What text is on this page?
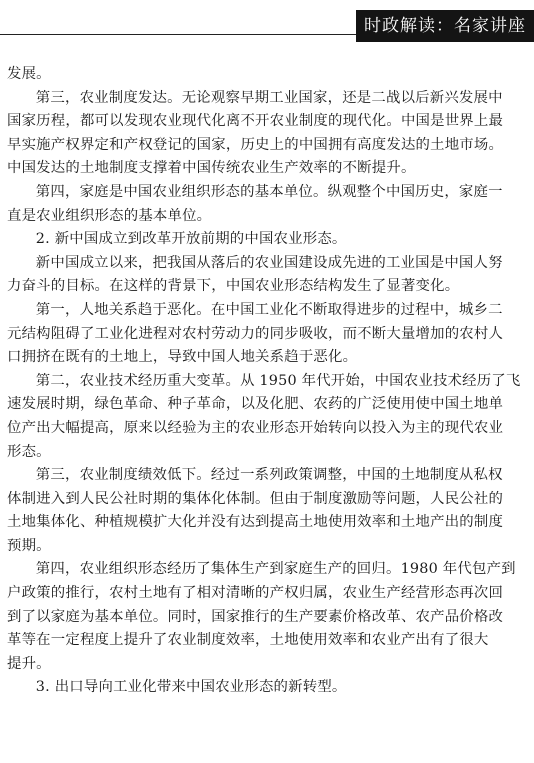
时政解读：名家讲座

发展。

第三，农业制度发达。无论观察早期工业国家，还是二战以后新兴发展中
国家历程，都可以发现农业现代化离不开农业制度的现代化。中国是世界上最
早实施产权界定和产权登记的国家，历史上的中国拥有高度发达的土地市场。
中国发达的土地制度支撑着中国传统农业生产效率的不断提升。

第四，家庭是中国农业组织形态的基本单位。纵观整个中国历史，家庭一
直是农业组织形态的基本单位。

2. 新中国成立到改革开放前期的中国农业形态。

新中国成立以来，把我国从落后的农业国建设成先进的工业国是中国人努
力奋斗的目标。在这样的背景下，中国农业形态结构发生了显著变化。

第一，人地关系趋于恶化。在中国工业化不断取得进步的过程中，城乡二
元结构阻碍了工业化进程对农村劳动力的同步吸收，而不断大量增加的农村人
口拥挤在既有的土地上，导致中国人地关系趋于恶化。

第二，农业技术经历重大变革。从 1950 年代开始，中国农业技术经历了飞
速发展时期，绿色革命、种子革命，以及化肥、农药的广泛使用使中国土地单
位产出大幅提高，原来以经验为主的农业形态开始转向以投入为主的现代农业
形态。

第三，农业制度绩效低下。经过一系列政策调整，中国的土地制度从私权
体制进入到人民公社时期的集体化体制。但由于制度激励等问题，人民公社的
土地集体化、种植规模扩大化并没有达到提高土地使用效率和土地产出的制度
预期。

第四，农业组织形态经历了集体生产到家庭生产的回归。1980 年代包产到
户政策的推行，农村土地有了相对清晰的产权归属，农业生产经营形态再次回
到了以家庭为基本单位。同时，国家推行的生产要素价格改革、农产品价格改
革等在一定程度上提升了农业制度效率，土地使用效率和农业产出有了很大
提升。

3. 出口导向工业化带来中国农业形态的新转型。
